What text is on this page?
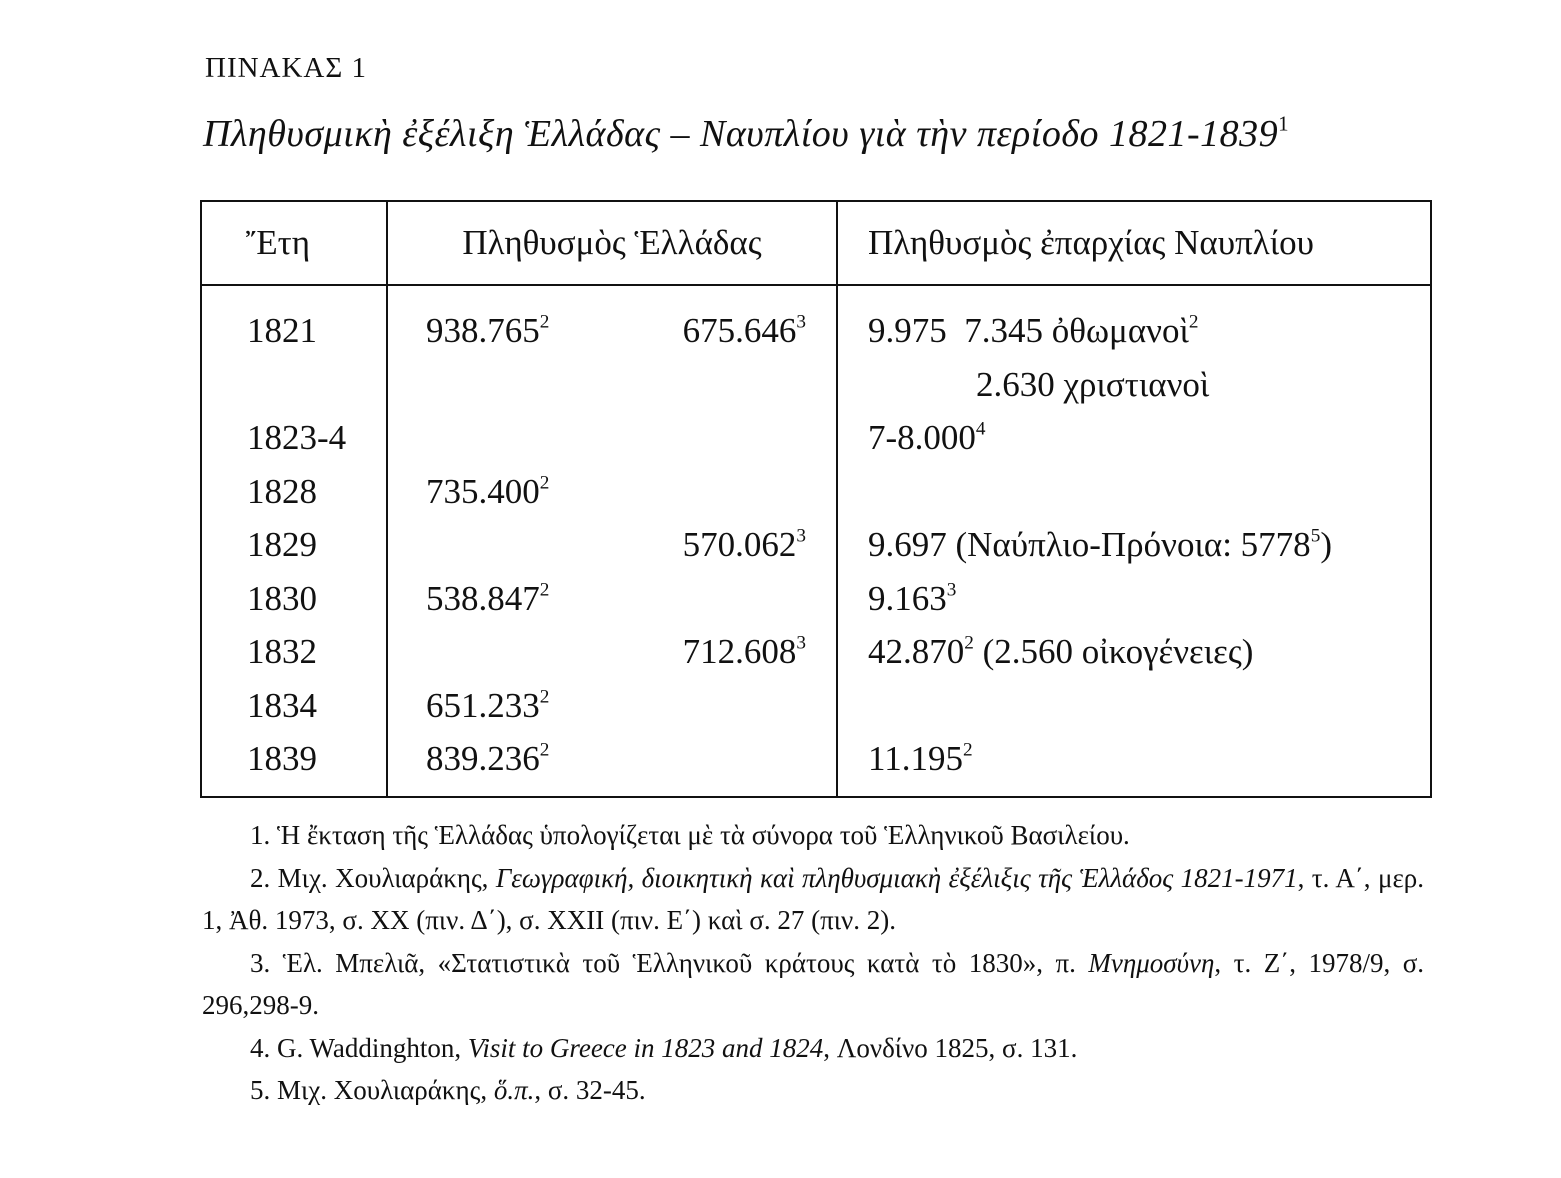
ΠΙΝΑΚΑΣ 1
Πληθυσμικὴ ἐξέλιξη Ἑλλάδας – Ναυπλίου γιὰ τὴν περίοδο 1821-1839$^1$
Ἔτη	Πληθυσμὸς Ἑλλάδας	Πληθυσμὸς ἐπαρχίας Ναυπλίου
1821	938.765$^2$ 675.646$^3$	9.975  7.345 ὀθωμανοὶ$^2$
		2.630 χριστιανοὶ
1823-4		7-8.000$^4$
1828	735.400$^2$	
1829	570.062$^3$	9.697 (Ναύπλιο-Πρόνοια: 5778$^5$)
1830	538.847$^2$	9.163$^3$
1832	712.608$^3$	42.870$^2$ (2.560 οἰκογένειες)
1834	651.233$^2$	
1839	839.236$^2$	11.195$^2$
1. Ἡ ἔκταση τῆς Ἑλλάδας ὑπολογίζεται μὲ τὰ σύνορα τοῦ Ἑλληνικοῦ Βασιλείου.
2. Μιχ. Χουλιαράκης, Γεωγραφική, διοικητικὴ καὶ πληθυσμιακὴ ἐξέλιξις τῆς Ἑλλάδος 1821-1971, τ. Α΄, μερ. 1, Ἀθ. 1973, σ. XX (πιν. Δ΄), σ. XXII (πιν. Ε΄) καὶ σ. 27 (πιν. 2).
3. Ἑλ. Μπελιᾶ, «Στατιστικὰ τοῦ Ἑλληνικοῦ κράτους κατὰ τὸ 1830», π. Μνημοσύνη, τ. Ζ΄, 1978/9, σ. 296,298-9.
4. G. Waddinghton, Visit to Greece in 1823 and 1824, Λονδίνο 1825, σ. 131.
5. Μιχ. Χουλιαράκης, ὅ.π., σ. 32-45.
